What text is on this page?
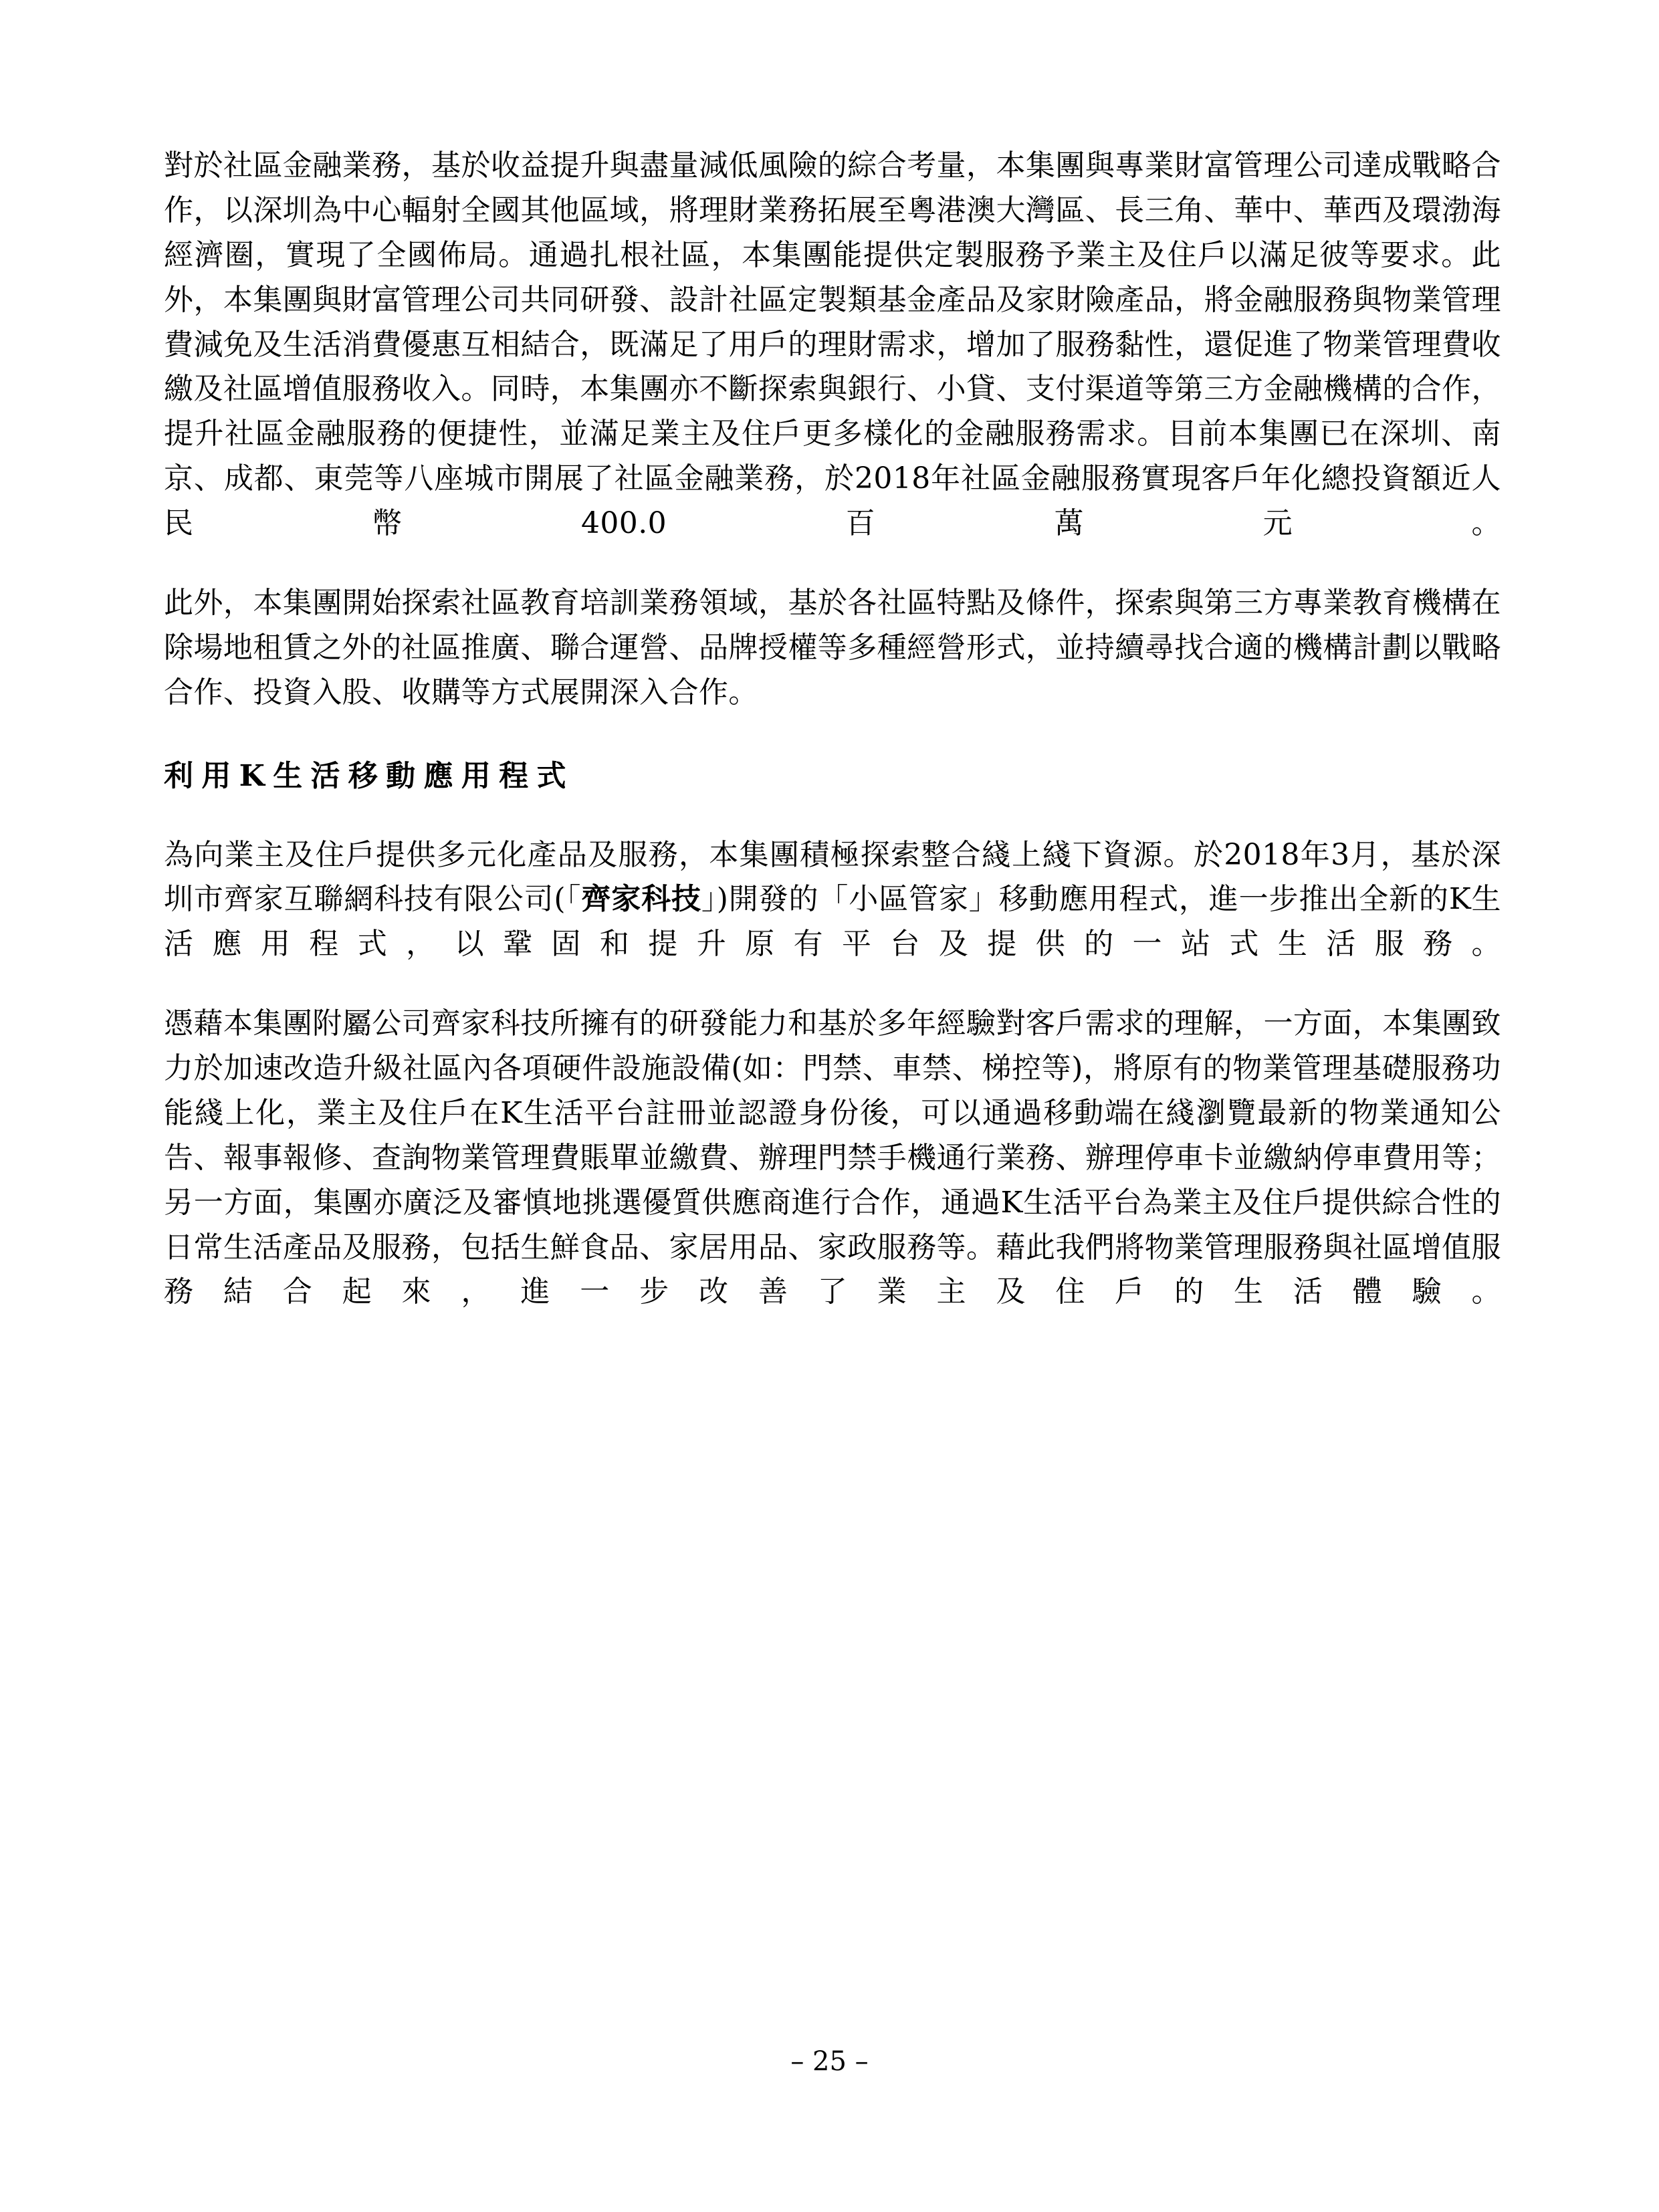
對於社區金融業務，基於收益提升與盡量減低風險的綜合考量，本集團與專業財富管理公司達成戰略合作，以深圳為中心輻射全國其他區域，將理財業務拓展至粵港澳大灣區、長三角、華中、華西及環渤海經濟圈，實現了全國佈局。通過扎根社區，本集團能提供定製服務予業主及住戶以滿足彼等要求。此外，本集團與財富管理公司共同研發、設計社區定製類基金產品及家財險產品，將金融服務與物業管理費減免及生活消費優惠互相結合，既滿足了用戶的理財需求，增加了服務黏性，還促進了物業管理費收繳及社區增值服務收入。同時，本集團亦不斷探索與銀行、小貸、支付渠道等第三方金融機構的合作，提升社區金融服務的便捷性，並滿足業主及住戶更多樣化的金融服務需求。目前本集團已在深圳、南京、成都、東莞等八座城市開展了社區金融業務，於2018年社區金融服務實現客戶年化總投資額近人民幣400.0百萬元。

此外，本集團開始探索社區教育培訓業務領域，基於各社區特點及條件，探索與第三方專業教育機構在除場地租賃之外的社區推廣、聯合運營、品牌授權等多種經營形式，並持續尋找合適的機構計劃以戰略合作、投資入股、收購等方式展開深入合作。

利用K生活移動應用程式

為向業主及住戶提供多元化產品及服務，本集團積極探索整合綫上綫下資源。於2018年3月，基於深圳市齊家互聯網科技有限公司(「齊家科技」)開發的「小區管家」移動應用程式，進一步推出全新的K生活應用程式，以鞏固和提升原有平台及提供的一站式生活服務。

憑藉本集團附屬公司齊家科技所擁有的研發能力和基於多年經驗對客戶需求的理解，一方面，本集團致力於加速改造升級社區內各項硬件設施設備(如：門禁、車禁、梯控等)，將原有的物業管理基礎服務功能綫上化，業主及住戶在K生活平台註冊並認證身份後，可以通過移動端在綫瀏覽最新的物業通知公告、報事報修、查詢物業管理費賬單並繳費、辦理門禁手機通行業務、辦理停車卡並繳納停車費用等；另一方面，集團亦廣泛及審慎地挑選優質供應商進行合作，通過K生活平台為業主及住戶提供綜合性的日常生活產品及服務，包括生鮮食品、家居用品、家政服務等。藉此我們將物業管理服務與社區增值服務結合起來，進一步改善了業主及住戶的生活體驗。

– 25 –
